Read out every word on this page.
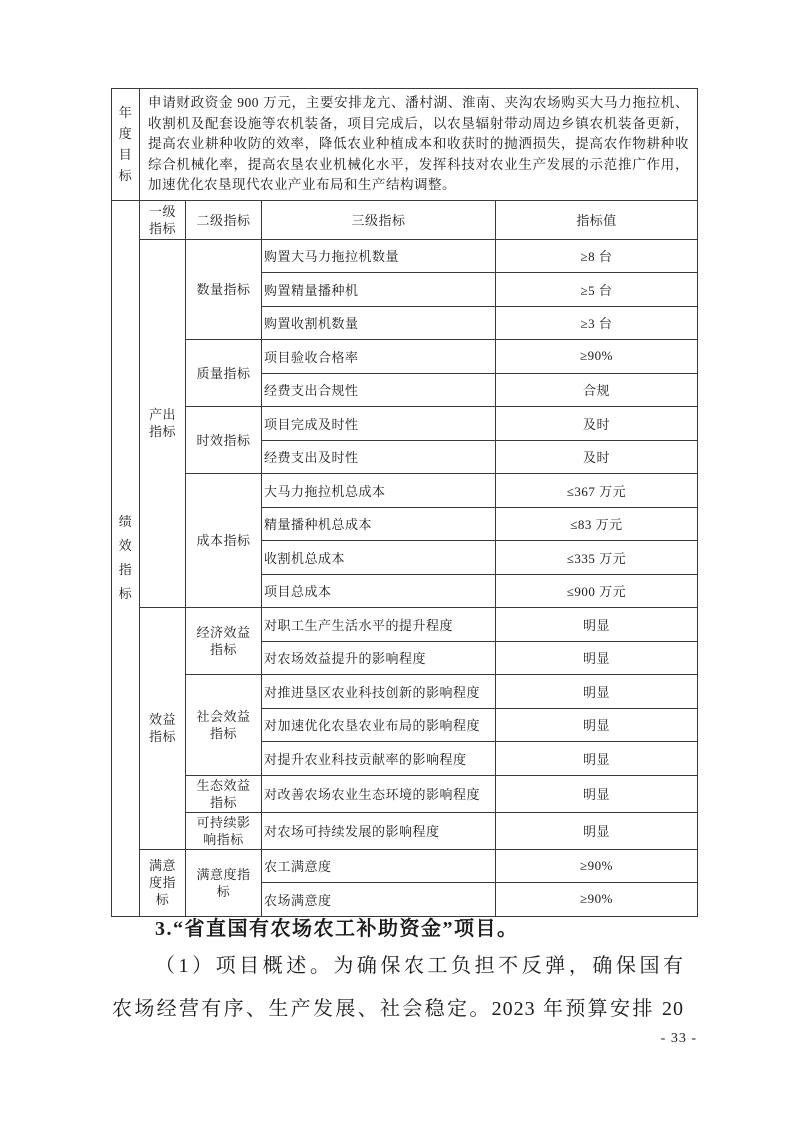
年度目标	申请财政资金 900 万元，主要安排龙亢、潘村湖、淮南、夹沟农场购买大马力拖拉机、收割机及配套设施等农机装备，项目完成后，以农垦辐射带动周边乡镇农机装备更新，提高农业耕种收防的效率，降低农业种植成本和收获时的抛洒损失，提高农作物耕种收综合机械化率，提高农垦农业机械化水平，发挥科技对农业生产发展的示范推广作用，加速优化农垦现代农业产业布局和生产结构调整。			

绩效指标	一级指标	二级指标	三级指标	指标值

	产出指标	数量指标	购置大马力拖拉机数量	≥8 台
			购置精量播种机	≥5 台
			购置收割机数量	≥3 台

		质量指标	项目验收合格率	≥90%
			经费支出合规性	合规

		时效指标	项目完成及时性	及时
			经费支出及时性	及时

		成本指标	大马力拖拉机总成本	≤367 万元
			精量播种机总成本	≤83 万元
			收割机总成本	≤335 万元
			项目总成本	≤900 万元

	效益指标	经济效益指标	对职工生产生活水平的提升程度	明显
			对农场效益提升的影响程度	明显

		社会效益指标	对推进垦区农业科技创新的影响程度	明显
			对加速优化农垦农业布局的影响程度	明显
			对提升农业科技贡献率的影响程度	明显

		生态效益指标	对改善农场农业生态环境的影响程度	明显

		可持续影响指标	对农场可持续发展的影响程度	明显

	满意度指标	满意度指标	农工满意度	≥90%
			农场满意度	≥90%
3.“省直国有农场农工补助资金”项目。
（1）项目概述。为确保农工负担不反弹，确保国有
农场经营有序、生产发展、社会稳定。2023 年预算安排 20
- 33 -
